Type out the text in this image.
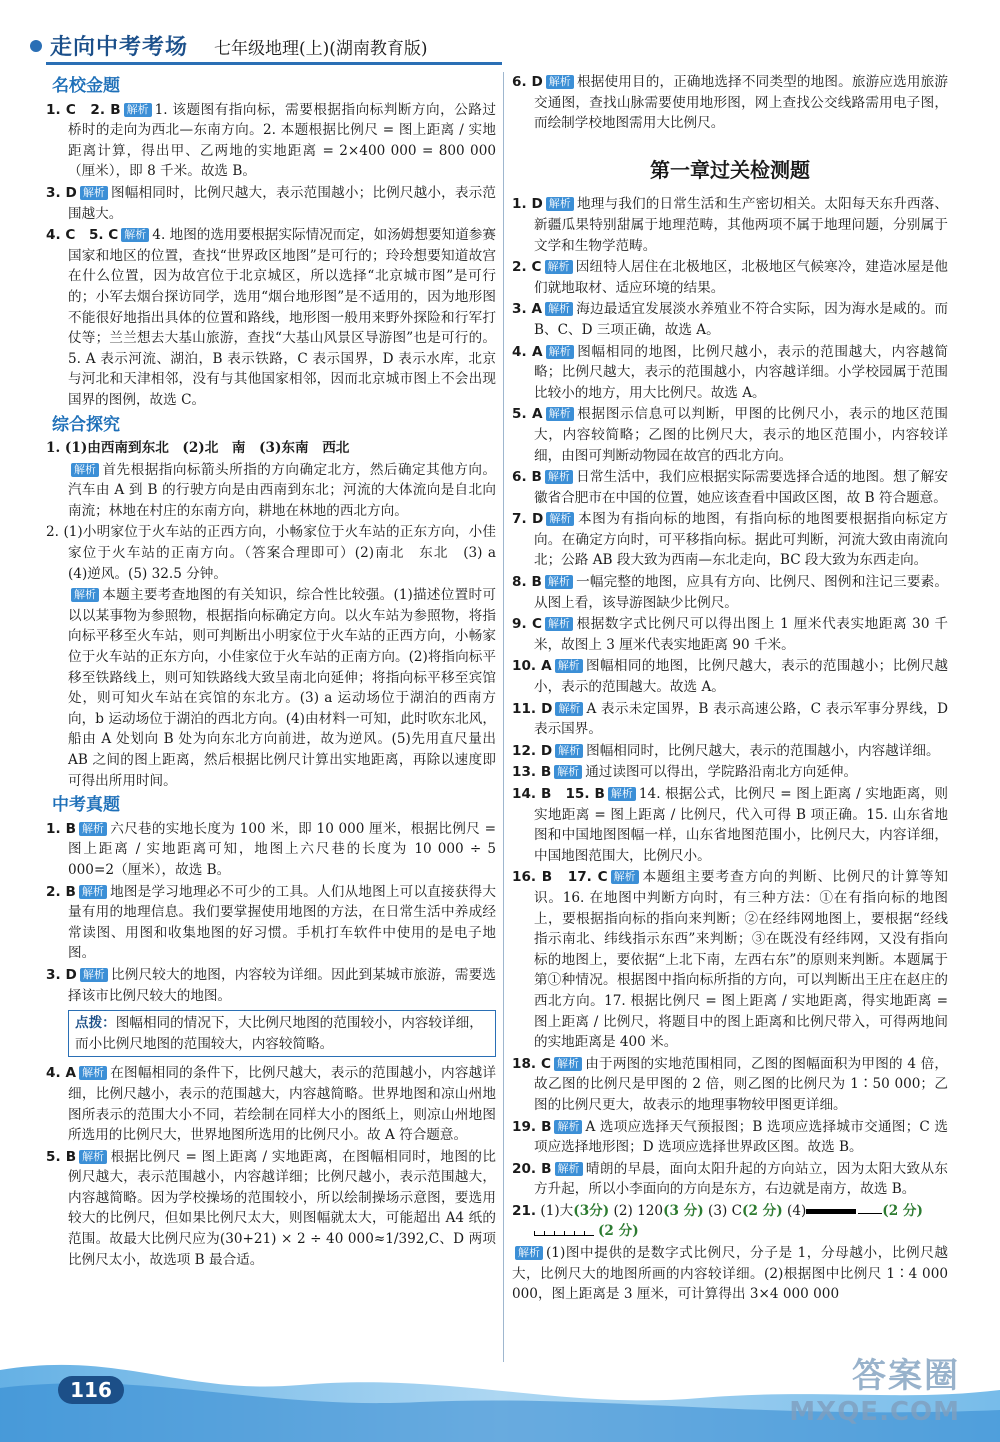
走向中考考场 七年级地理(上)(湖南教育版)
名校金题
1. C　2. B 解析 1. 该题图有指向标，需要根据指向标判断方向，公路过桥时的走向为西北—东南方向。2. 本题根据比例尺 = 图上距离 / 实地距离计算，得出甲、乙两地的实地距离 = 2×400 000 = 800 000（厘米），即 8 千米。故选 B。
3. D 解析 图幅相同时，比例尺越大，表示范围越小；比例尺越小，表示范围越大。
4. C　5. C 解析 4. 地图的选用要根据实际情况而定，如汤姆想要知道参赛国家和地区的位置，查找“世界政区地图”是可行的；玲玲想要知道故宫在什么位置，因为故宫位于北京城区，所以选择“北京城市图”是可行的；小军去烟台探访同学，选用“烟台地形图”是不适用的，因为地形图不能很好地指出具体的位置和路线，地形图一般用来野外探险和行军打仗等；兰兰想去大基山旅游，查找“大基山风景区导游图”也是可行的。5. A 表示河流、湖泊，B 表示铁路，C 表示国界，D 表示水库，北京与河北和天津相邻，没有与其他国家相邻，因而北京城市图上不会出现国界的图例，故选 C。
综合探究
1. (1)由西南到东北　(2)北　南　(3)东南　西北
解析 首先根据指向标箭头所指的方向确定北方，然后确定其他方向。汽车由 A 到 B 的行驶方向是由西南到东北；河流的大体流向是自北向南流；林地在村庄的东南方向，耕地在林地的西北方向。
2. (1)小明家位于火车站的正西方向，小畅家位于火车站的正东方向，小佳家位于火车站的正南方向。（答案合理即可）(2)南北　东北　(3) a　(4)逆风。(5) 32.5 分钟。
解析 本题主要考查地图的有关知识，综合性比较强。(1)描述位置时可以以某事物为参照物，根据指向标确定方向。以火车站为参照物，将指向标平移至火车站，则可判断出小明家位于火车站的正西方向，小畅家位于火车站的正东方向，小佳家位于火车站的正南方向。(2)将指向标平移至铁路线上，则可知铁路线大致呈南北向延伸；将指向标平移至宾馆处，则可知火车站在宾馆的东北方。(3) a 运动场位于湖泊的西南方向，b 运动场位于湖泊的西北方向。(4)由材料一可知，此时吹东北风，船由 A 处划向 B 处为向东北方向前进，故为逆风。(5)先用直尺量出 AB 之间的图上距离，然后根据比例尺计算出实地距离，再除以速度即可得出所用时间。
中考真题
1. B 解析 六尺巷的实地长度为 100 米，即 10 000 厘米，根据比例尺 = 图上距离 / 实地距离可知，地图上六尺巷的长度为 10 000 ÷ 5 000=2（厘米），故选 B。
2. B 解析 地图是学习地理必不可少的工具。人们从地图上可以直接获得大量有用的地理信息。我们要掌握使用地图的方法，在日常生活中养成经常读图、用图和收集地图的好习惯。手机打车软件中使用的是电子地图。
3. D 解析 比例尺较大的地图，内容较为详细。因此到某城市旅游，需要选择该市比例尺较大的地图。
点拨：图幅相同的情况下，大比例尺地图的范围较小，内容较详细，而小比例尺地图的范围较大，内容较简略。
4. A 解析 在图幅相同的条件下，比例尺越大，表示的范围越小，内容越详细，比例尺越小，表示的范围越大，内容越简略。世界地图和凉山州地图所表示的范围大小不同，若绘制在同样大小的图纸上，则凉山州地图所选用的比例尺大，世界地图所选用的比例尺小。故 A 符合题意。
5. B 解析 根据比例尺 = 图上距离 / 实地距离，在图幅相同时，地图的比例尺越大，表示范围越小，内容越详细；比例尺越小，表示范围越大，内容越简略。因为学校操场的范围较小，所以绘制操场示意图，要选用较大的比例尺，但如果比例尺太大，则图幅就太大，可能超出 A4 纸的范围。故最大比例尺应为(30+21) × 2 ÷ 40 000≈1/392,C、D 两项比例尺太小，故选项 B 最合适。
6. D 解析 根据使用目的，正确地选择不同类型的地图。旅游应选用旅游交通图，查找山脉需要使用地形图，网上查找公交线路需用电子图，而绘制学校地图需用大比例尺。
第一章过关检测题
1. D 解析 地理与我们的日常生活和生产密切相关。太阳每天东升西落、新疆瓜果特别甜属于地理范畴，其他两项不属于地理问题，分别属于文学和生物学范畴。
2. C 解析 因纽特人居住在北极地区，北极地区气候寒冷，建造冰屋是他们就地取材、适应环境的结果。
3. A 解析 海边最适宜发展淡水养殖业不符合实际，因为海水是咸的。而 B、C、D 三项正确，故选 A。
4. A 解析 图幅相同的地图，比例尺越小，表示的范围越大，内容越简略；比例尺越大，表示的范围越小，内容越详细。小学校园属于范围比较小的地方，用大比例尺。故选 A。
5. A 解析 根据图示信息可以判断，甲图的比例尺小，表示的地区范围大，内容较简略；乙图的比例尺大，表示的地区范围小，内容较详细，由图可判断动物园在故宫的西北方向。
6. B 解析 日常生活中，我们应根据实际需要选择合适的地图。想了解安徽省合肥市在中国的位置，她应该查看中国政区图，故 B 符合题意。
7. D 解析 本图为有指向标的地图，有指向标的地图要根据指向标定方向。在确定方向时，可平移指向标。据此可判断，河流大致由南流向北；公路 AB 段大致为西南—东北走向，BC 段大致为东西走向。
8. B 解析 一幅完整的地图，应具有方向、比例尺、图例和注记三要素。从图上看，该导游图缺少比例尺。
9. C 解析 根据数字式比例尺可以得出图上 1 厘米代表实地距离 30 千米，故图上 3 厘米代表实地距离 90 千米。
10. A 解析 图幅相同的地图，比例尺越大，表示的范围越小；比例尺越小，表示的范围越大。故选 A。
11. D 解析 A 表示未定国界，B 表示高速公路，C 表示军事分界线，D 表示国界。
12. D 解析 图幅相同时，比例尺越大，表示的范围越小，内容越详细。
13. B 解析 通过读图可以得出，学院路沿南北方向延伸。
14. B　15. B 解析 14. 根据公式，比例尺 = 图上距离 / 实地距离，则实地距离 = 图上距离 / 比例尺，代入可得 B 项正确。15. 山东省地图和中国地图图幅一样，山东省地图范围小，比例尺大，内容详细，中国地图范围大，比例尺小。
16. B　17. C 解析 本题组主要考查方向的判断、比例尺的计算等知识。16. 在地图中判断方向时，有三种方法：①在有指向标的地图上，要根据指向标的指向来判断；②在经纬网地图上，要根据“经线指示南北、纬线指示东西”来判断；③在既没有经纬网，又没有指向标的地图上，要依据“上北下南，左西右东”的原则来判断。本题属于第①种情况。根据图中指向标所指的方向，可以判断出王庄在赵庄的西北方向。17. 根据比例尺 = 图上距离 / 实地距离，得实地距离 = 图上距离 / 比例尺，将题目中的图上距离和比例尺带入，可得两地间的实地距离是 400 米。
18. C 解析 由于两图的实地范围相同，乙图的图幅面积为甲图的 4 倍，故乙图的比例尺是甲图的 2 倍，则乙图的比例尺为 1∶50 000；乙图的比例尺更大，故表示的地理事物较甲图更详细。
19. B 解析 A 选项应选择天气预报图；B 选项应选择城市交通图；C 选项应选择地形图；D 选项应选择世界政区图。故选 B。
20. B 解析 晴朗的早晨，面向太阳升起的方向站立，因为太阳大致从东方升起，所以小李面向的方向是东方，右边就是南方，故选 B。
21. (1)大(3分) (2) 120(3 分) (3) C(2 分) (4)	(2 分)
(2 分)
解析 (1)图中提供的是数字式比例尺，分子是 1，分母越小，比例尺越大，比例尺大的地图所画的内容较详细。(2)根据图中比例尺 1∶4 000 000，图上距离是 3 厘米，可计算得出 3×4 000 000
116	答案圈
MXQE.COM
